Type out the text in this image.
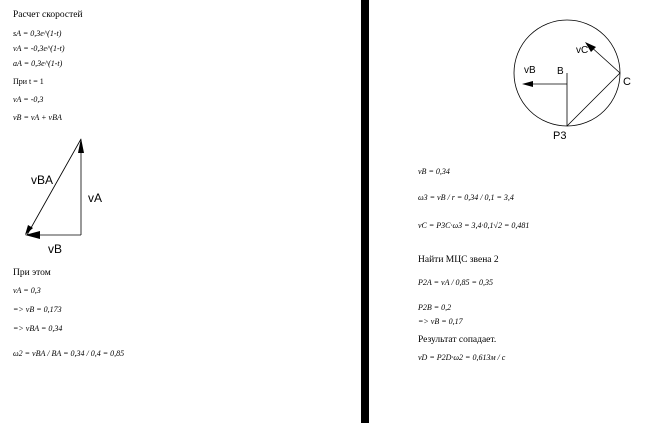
Расчет скоростей
sA = 0,3e^(1-t)
vA = -0,3e^(1-t)
aA = 0,3e^(1-t)
При t = 1
vA = -0,3
vB = vA + vBA
vBA
vA
vB
При этом
vA = 0,3
=> vB = 0,173
=> vBA = 0,34
ω2 = vBA / BA = 0,34 / 0,4 = 0,85
vC
vB B
C
P3
vB = 0,34
ω3 = vB / r = 0,34 / 0,1 = 3,4
vC = P3C·ω3 = 3,4·0,1√2 = 0,481
Найти МЦС звена 2
P2A = vA / 0,85 = 0,35
P2B = 0,2
=> vB = 0,17
Результат сопадает.
vD = P2D·ω2 = 0,613м / с
